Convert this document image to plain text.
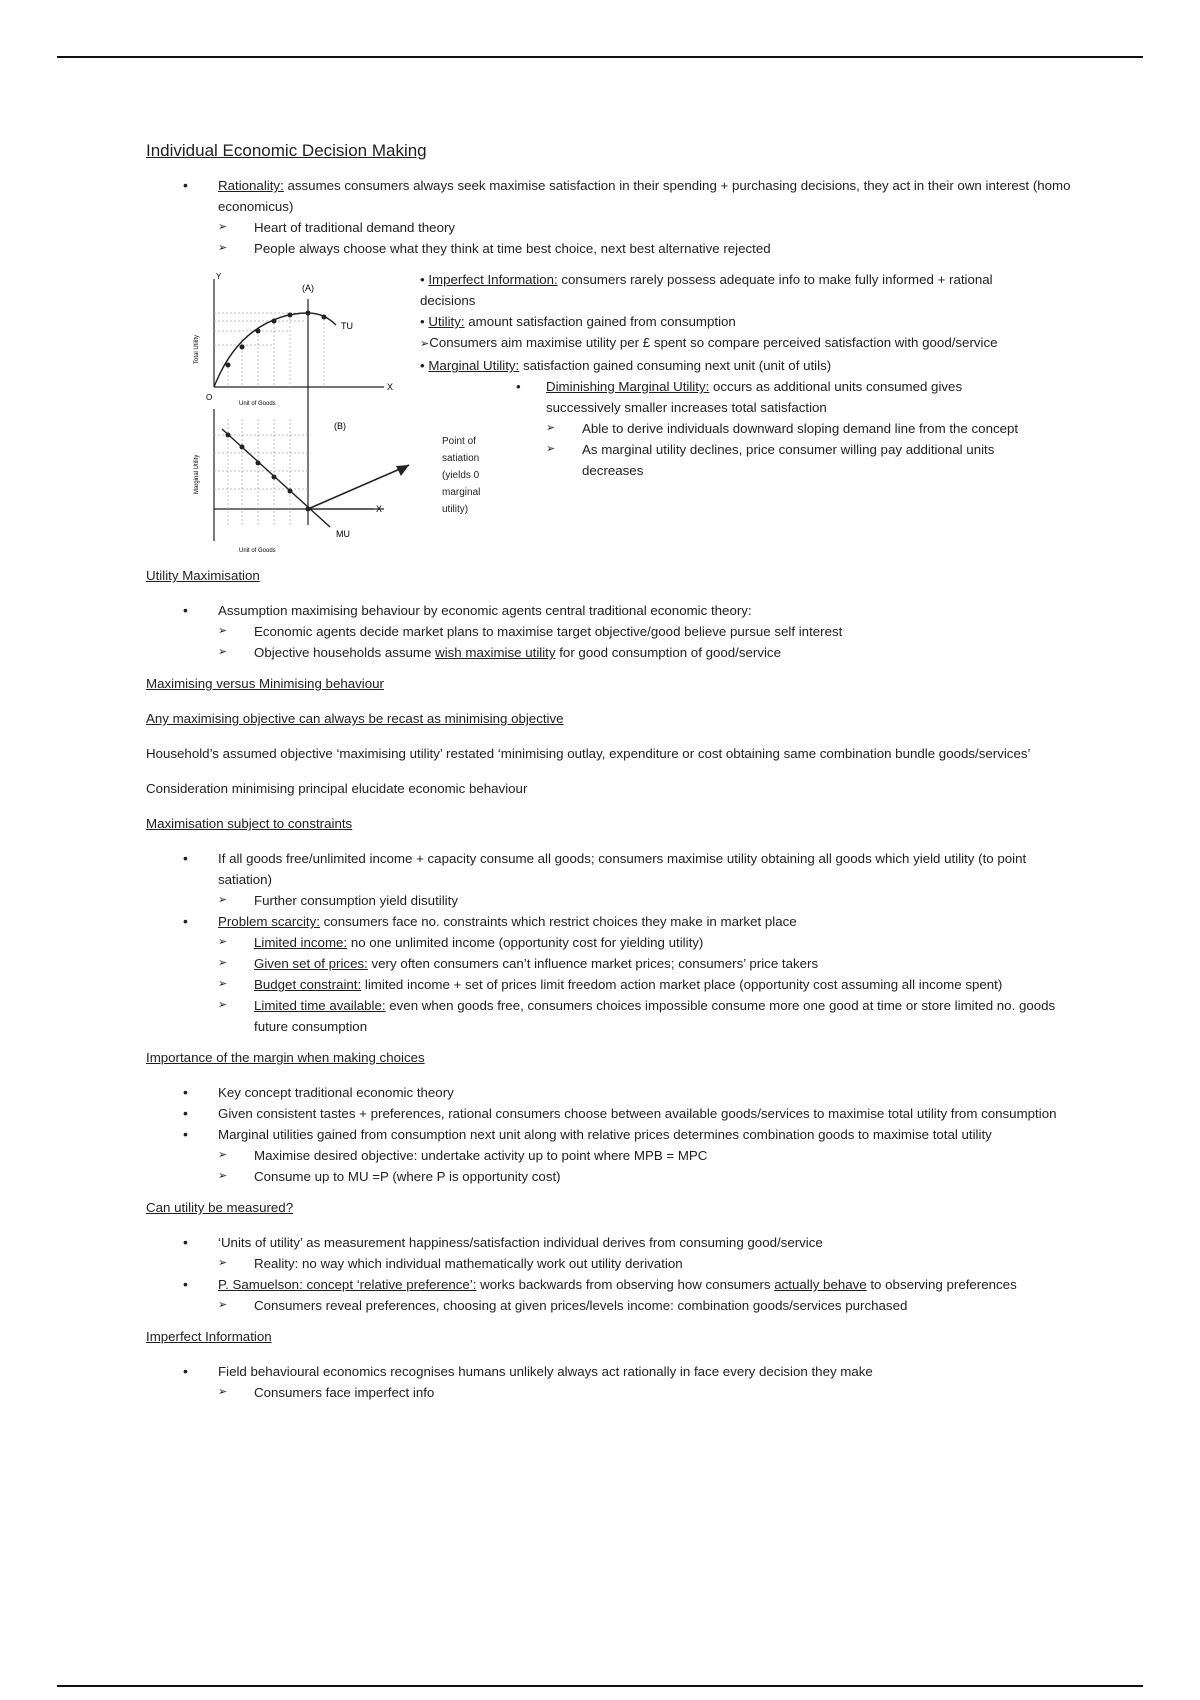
Individual Economic Decision Making
• Rationality: assumes consumers always seek maximise satisfaction in their spending + purchasing decisions, they act in their own interest (homo economicus)
➢ Heart of traditional demand theory
➢ People always choose what they think at time best choice, next best alternative rejected
(A)
TU
Y
X
O
Unit of Goods
Total Utility
(B)
MU
X
Unit of Goods
Marginal Utility
Point of satiation (yields 0 marginal utility)

• Imperfect Information: consumers rarely possess adequate info to make fully informed + rational decisions

• Utility: amount satisfaction gained from consumption

➢ Consumers aim maximise utility per £ spent so compare perceived satisfaction with good/service

• Marginal Utility: satisfaction gained consuming next unit (unit of utils)

• Diminishing Marginal Utility: occurs as additional units consumed gives successively smaller increases total satisfaction

➢ Able to derive individuals downward sloping demand line from the concept
➢ As marginal utility declines, price consumer willing pay additional units decreases
Utility Maximisation
• Assumption maximising behaviour by economic agents central traditional economic theory:
➢ Economic agents decide market plans to maximise target objective/good believe pursue self interest
➢ Objective households assume wish maximise utility for good consumption of good/service
Maximising versus Minimising behaviour
Any maximising objective can always be recast as minimising objective
Household’s assumed objective ‘maximising utility’ restated ‘minimising outlay, expenditure or cost obtaining same combination bundle goods/services’
Consideration minimising principal elucidate economic behaviour
Maximisation subject to constraints
• If all goods free/unlimited income + capacity consume all goods; consumers maximise utility obtaining all goods which yield utility (to point satiation)
➢ Further consumption yield disutility
• Problem scarcity: consumers face no. constraints which restrict choices they make in market place
➢ Limited income: no one unlimited income (opportunity cost for yielding utility)
➢ Given set of prices: very often consumers can’t influence market prices; consumers’ price takers
➢ Budget constraint: limited income + set of prices limit freedom action market place (opportunity cost assuming all income spent)
➢ Limited time available: even when goods free, consumers choices impossible consume more one good at time or store limited no. goods future consumption
Importance of the margin when making choices
• Key concept traditional economic theory
• Given consistent tastes + preferences, rational consumers choose between available goods/services to maximise total utility from consumption
• Marginal utilities gained from consumption next unit along with relative prices determines combination goods to maximise total utility
➢ Maximise desired objective: undertake activity up to point where MPB = MPC
➢ Consume up to MU =P (where P is opportunity cost)
Can utility be measured?
• ‘Units of utility’ as measurement happiness/satisfaction individual derives from consuming good/service
➢ Reality: no way which individual mathematically work out utility derivation
• P. Samuelson: concept ‘relative preference’: works backwards from observing how consumers actually behave to observing preferences
➢ Consumers reveal preferences, choosing at given prices/levels income: combination goods/services purchased
Imperfect Information
• Field behavioural economics recognises humans unlikely always act rationally in face every decision they make
➢ Consumers face imperfect info
